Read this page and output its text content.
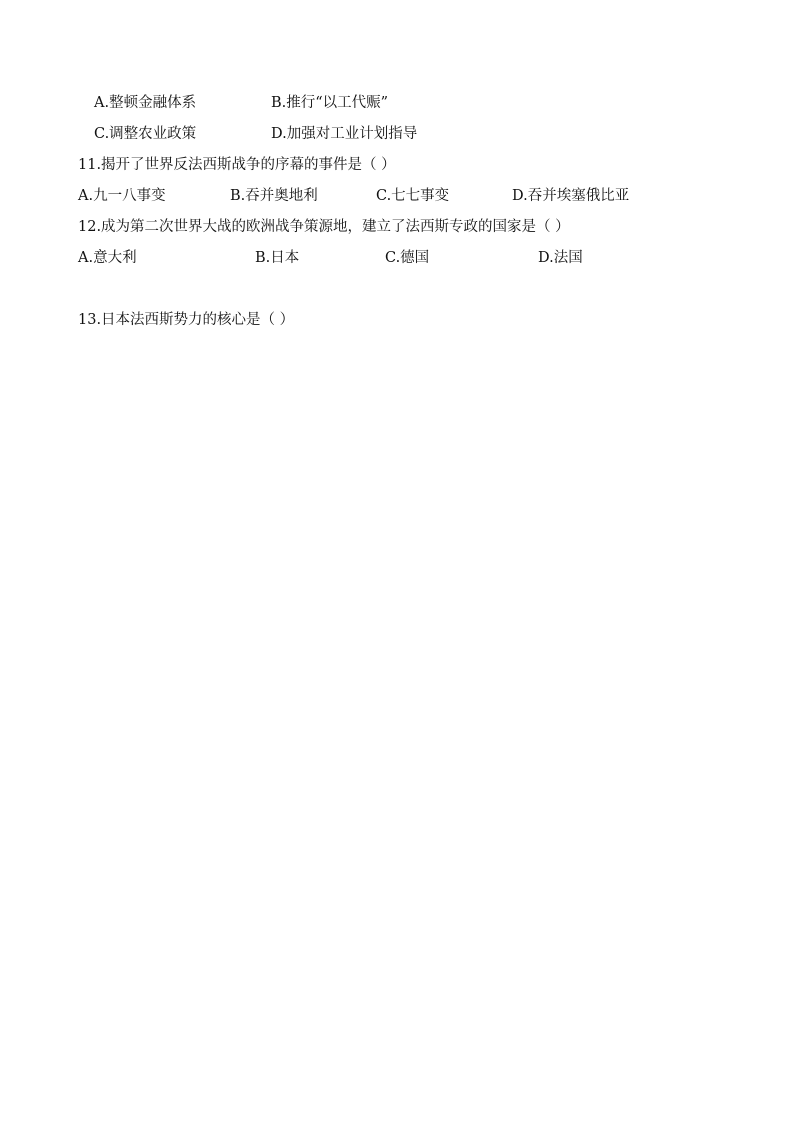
A.整顿金融体系	B.推行“以工代赈”
C.调整农业政策	D.加强对工业计划指导
11.揭开了世界反法西斯战争的序幕的事件是（ ）
A.九一八事变	B.吞并奥地利	C.七七事变	D.吞并埃塞俄比亚
12.成为第二次世界大战的欧洲战争策源地，建立了法西斯专政的国家是（ ）
A.意大利	B.日本	C.德国	D.法国
13.日本法西斯势力的核心是（ ）
